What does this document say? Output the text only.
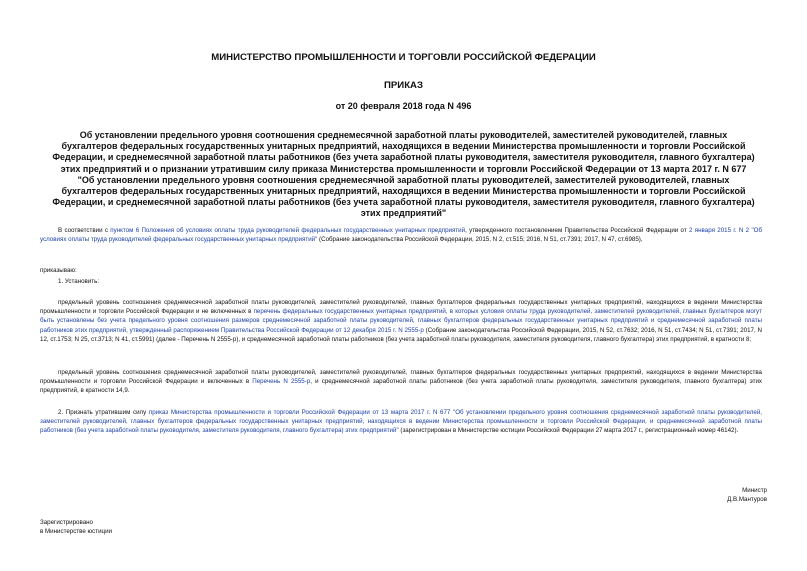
МИНИСТЕРСТВО ПРОМЫШЛЕННОСТИ И ТОРГОВЛИ РОССИЙСКОЙ ФЕДЕРАЦИИ
ПРИКАЗ
от 20 февраля 2018 года N 496
Об установлении предельного уровня соотношения среднемесячной заработной платы руководителей, заместителей руководителей, главных бухгалтеров федеральных государственных унитарных предприятий, находящихся в ведении Министерства промышленности и торговли Российской Федерации, и среднемесячной заработной платы работников (без учета заработной платы руководителя, заместителя руководителя, главного бухгалтера) этих предприятий и о признании утратившим силу приказа Министерства промышленности и торговли Российской Федерации от 13 марта 2017 г. N 677 "Об установлении предельного уровня соотношения среднемесячной заработной платы руководителей, заместителей руководителей, главных бухгалтеров федеральных государственных унитарных предприятий, находящихся в ведении Министерства промышленности и торговли Российской Федерации, и среднемесячной заработной платы работников (без учета заработной платы руководителя, заместителя руководителя, главного бухгалтера) этих предприятий"
В соответствии с пунктом 6 Положения об условиях оплаты труда руководителей федеральных государственных унитарных предприятий, утвержденного постановлением Правительства Российской Федерации от 2 января 2015 г. N 2 "Об условиях оплаты труда руководителей федеральных государственных унитарных предприятий" (Собрание законодательства Российской Федерации, 2015, N 2, ст.515; 2016, N 51, ст.7391; 2017, N 47, ст.6985),
приказываю:
1. Установить:
предельный уровень соотношения среднемесячной заработной платы руководителей, заместителей руководителей, главных бухгалтеров федеральных государственных унитарных предприятий, находящихся в ведении Министерства промышленности и торговли Российской Федерации и не включенных в перечень федеральных государственных унитарных предприятий, в которых условия оплаты труда руководителей, заместителей руководителей, главных бухгалтеров могут быть установлены без учета предельного уровня соотношения размеров среднемесячной заработной платы руководителей, главных бухгалтеров федеральных государственных унитарных предприятий и среднемесячной заработной платы работников этих предприятий, утвержденный распоряжением Правительства Российской Федерации от 12 декабря 2015 г. N 2555-р (Собрание законодательства Российской Федерации, 2015, N 52, ст.7632; 2016, N 51, ст.7434; N 51, ст.7391; 2017, N 12, ст.1753; N 25, ст.3713; N 41, ст.5991) (далее - Перечень N 2555-р), и среднемесячной заработной платы работников (без учета заработной платы руководителя, заместителя руководителя, главного бухгалтера) этих предприятий, в кратности 8;
предельный уровень соотношения среднемесячной заработной платы руководителей, заместителей руководителей, главных бухгалтеров федеральных государственных унитарных предприятий, находящихся в ведении Министерства промышленности и торговли Российской Федерации и включенных в Перечень N 2555-р, и среднемесячной заработной платы работников (без учета заработной платы руководителя, заместителя руководителя, главного бухгалтера) этих предприятий, в кратности 14,9.
2. Признать утратившим силу приказ Министерства промышленности и торговли Российской Федерации от 13 марта 2017 г. N 677 "Об установлении предельного уровня соотношения среднемесячной заработной платы руководителей, заместителей руководителей, главных бухгалтеров федеральных государственных унитарных предприятий, находящихся в ведении Министерства промышленности и торговли Российской Федерации, и среднемесячной заработной платы работников (без учета заработной платы руководителя, заместителя руководителя, главного бухгалтера) этих предприятий" (зарегистрирован в Министерстве юстиции Российской Федерации 27 марта 2017 г., регистрационный номер 46142).
Министр
Д.В.Мантуров
Зарегистрировано
в Министерстве юстиции
